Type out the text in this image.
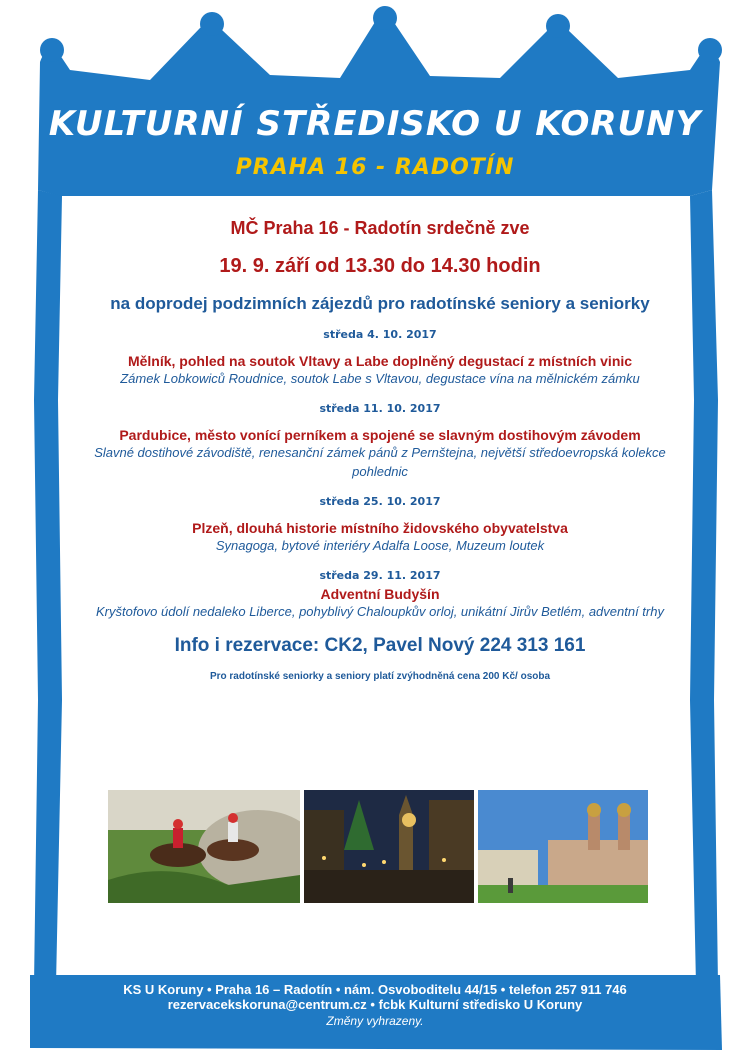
KULTURNÍ STŘEDISKO U KORUNY
PRAHA 16 - RADOTÍN
MČ Praha 16 - Radotín srdečně zve
19. 9. září od 13.30 do 14.30 hodin
na doprodej podzimních zájezdů pro radotínské seniory a seniorky
středa 4. 10. 2017
Mělník, pohled na soutok Vltavy a Labe doplněný degustací z místních vinic
Zámek Lobkowiců Roudnice, soutok Labe s Vltavou, degustace vína na mělnickém zámku
středa 11. 10. 2017
Pardubice, město vonící perníkem a spojené se slavným dostihovým závodem
Slavné dostihové závodiště, renesanční zámek pánů z Pernštejna, největší středoevropská kolekce pohlednic
středa 25. 10. 2017
Plzeň, dlouhá historie místního židovského obyvatelstva
Synagoga, bytové interiéry Adalfa Loose, Muzeum loutek
středa 29. 11. 2017
Adventní Budyšín
Kryštofovo údolí nedaleko Liberce, pohyblivý Chaloupkův orloj, unikátní Jirův Betlém, adventní trhy
Info i rezervace: CK2, Pavel Nový 224 313 161
Pro radotínské seniorky a seniory platí zvýhodněná cena 200 Kč/ osoba
KS U Koruny • Praha 16 – Radotín • nám. Osvoboditelu 44/15 • telefon 257 911 746
rezervacekskoruna@centrum.cz • fcbk Kulturní středisko U Koruny
Změny vyhrazeny.
